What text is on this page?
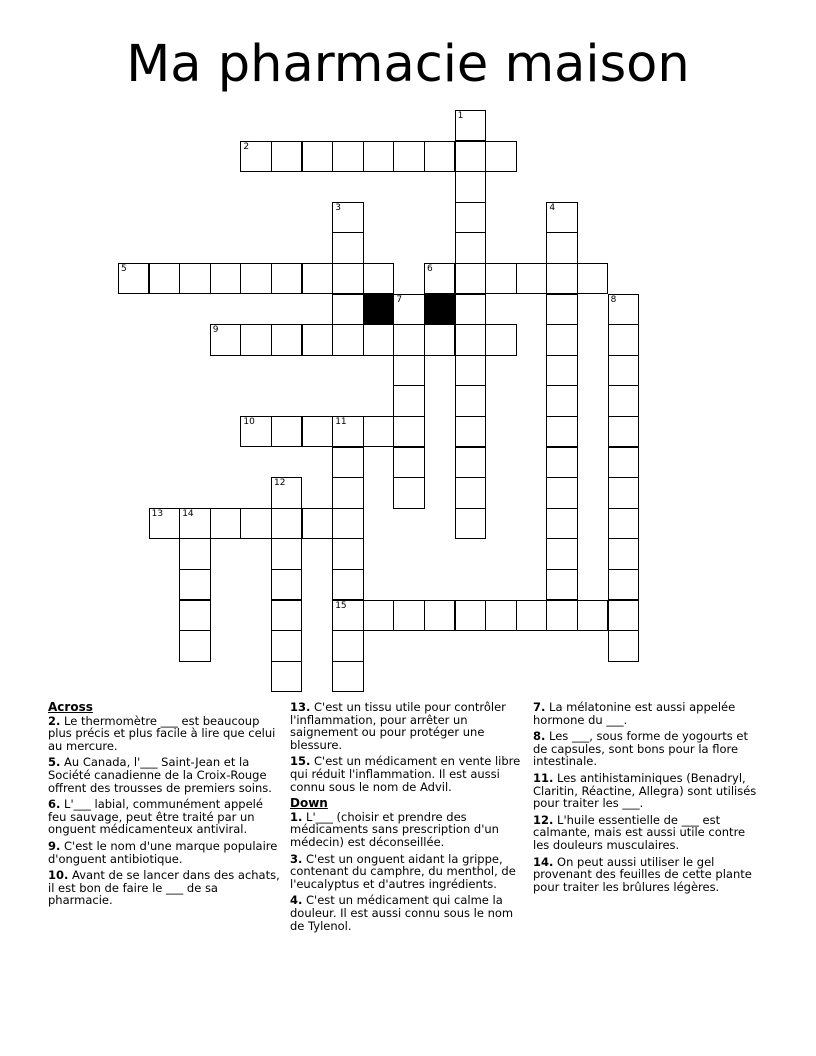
Ma pharmacie maison
1
2
3	4
5	6
7	8
9
10	11
12
13 14
15
Across
2. Le thermomètre ___ est beaucoup plus précis et plus facile à lire que celui au mercure.
5. Au Canada, l'___ Saint-Jean et la Société canadienne de la Croix-Rouge offrent des trousses de premiers soins.
6. L'___ labial, communément appelé feu sauvage, peut être traité par un onguent médicamenteux antiviral.
9. C'est le nom d'une marque populaire d'onguent antibiotique.
10. Avant de se lancer dans des achats, il est bon de faire le ___ de sa pharmacie.
13. C'est un tissu utile pour contrôler l'inflammation, pour arrêter un saignement ou pour protéger une blessure.
15. C'est un médicament en vente libre qui réduit l'inflammation. Il est aussi connu sous le nom de Advil.
Down
1. L'___ (choisir et prendre des médicaments sans prescription d'un médecin) est déconseillée.
3. C'est un onguent aidant la grippe, contenant du camphre, du menthol, de l'eucalyptus et d'autres ingrédients.
4. C'est un médicament qui calme la douleur. Il est aussi connu sous le nom de Tylenol.
7. La mélatonine est aussi appelée hormone du ___.
8. Les ___, sous forme de yogourts et de capsules, sont bons pour la flore intestinale.
11. Les antihistaminiques (Benadryl, Claritin, Réactine, Allegra) sont utilisés pour traiter les ___.
12. L'huile essentielle de ___ est calmante, mais est aussi utile contre les douleurs musculaires.
14. On peut aussi utiliser le gel provenant des feuilles de cette plante pour traiter les brûlures légères.
